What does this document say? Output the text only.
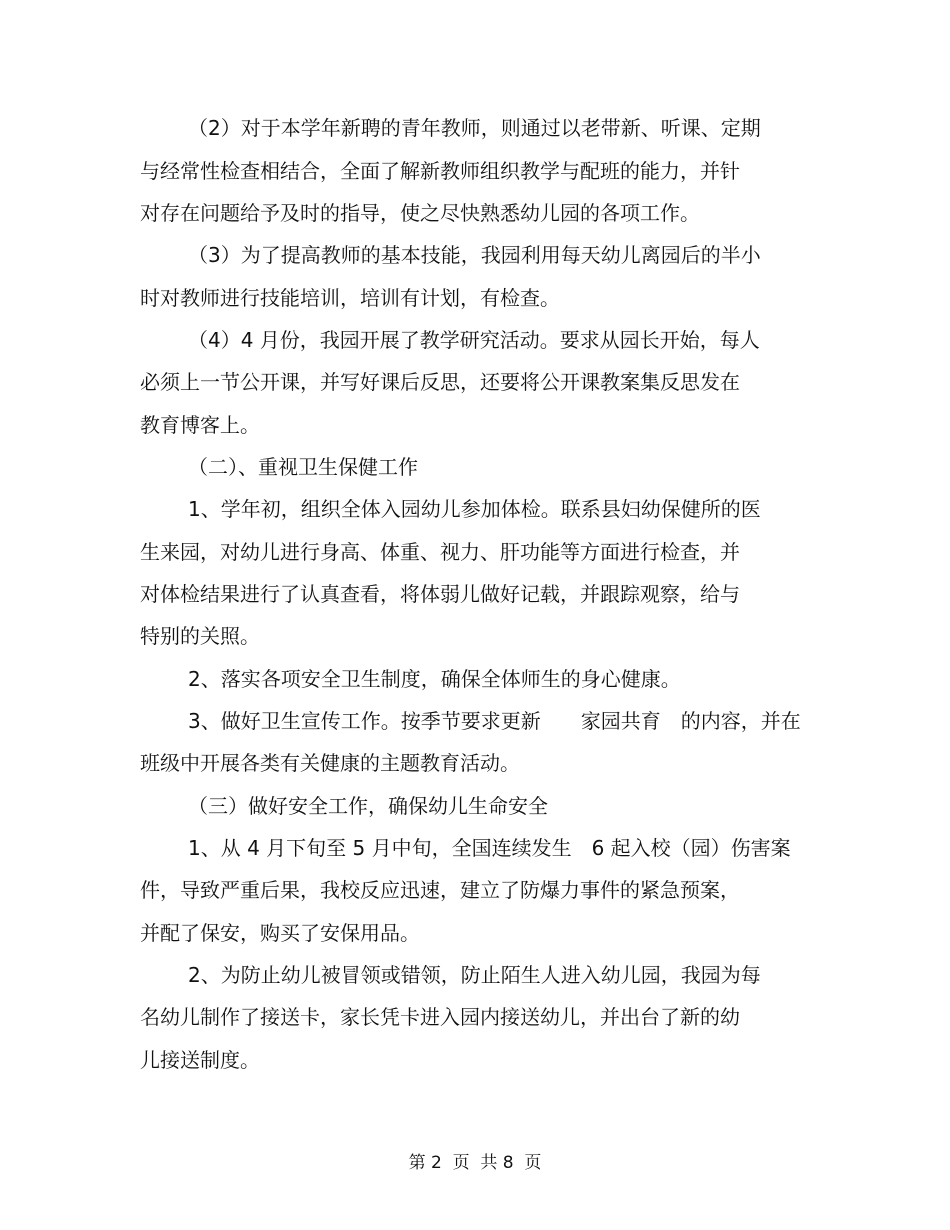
（2）对于本学年新聘的青年教师，则通过以老带新、听课、定期
与经常性检查相结合，全面了解新教师组织教学与配班的能力，并针
对存在问题给予及时的指导，使之尽快熟悉幼儿园的各项工作。
（3）为了提高教师的基本技能，我园利用每天幼儿离园后的半小
时对教师进行技能培训，培训有计划，有检查。
（4）4 月份，我园开展了教学研究活动。要求从园长开始，每人
必须上一节公开课，并写好课后反思，还要将公开课教案集反思发在
教育博客上。
（二）、重视卫生保健工作
1、学年初，组织全体入园幼儿参加体检。联系县妇幼保健所的医
生来园，对幼儿进行身高、体重、视力、肝功能等方面进行检查，并
对体检结果进行了认真查看，将体弱儿做好记载，并跟踪观察，给与
特别的关照。
2、落实各项安全卫生制度，确保全体师生的身心健康。
3、做好卫生宣传工作。按季节要求更新　　家园共育　的内容，并在
班级中开展各类有关健康的主题教育活动。
（三）做好安全工作，确保幼儿生命安全
1、从 4 月下旬至 5 月中旬，全国连续发生　6 起入校（园）伤害案
件，导致严重后果，我校反应迅速，建立了防爆力事件的紧急预案，
并配了保安，购买了安保用品。
2、为防止幼儿被冒领或错领，防止陌生人进入幼儿园，我园为每
名幼儿制作了接送卡，家长凭卡进入园内接送幼儿，并出台了新的幼
儿接送制度。
第 2  页  共 8  页
